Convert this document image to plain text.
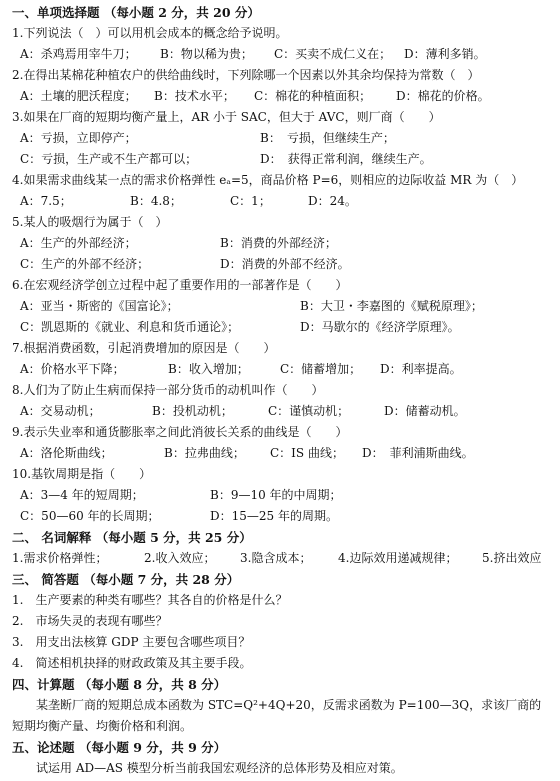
一、单项选择题 （每小题 2 分，共 20 分）
1.下列说法（　）可以用机会成本的概念给予说明。
A：杀鸡焉用宰牛刀； B：物以稀为贵； C：买卖不成仁义在； D：薄利多销。
2.在得出某棉花种植农户的供给曲线时，下列除哪一个因素以外其余均保持为常数（　）
A：土壤的肥沃程度； B：技术水平； C：棉花的种植面积； D：棉花的价格。
3.如果在厂商的短期均衡产量上，AR 小于 SAC，但大于 AVC，则厂商（　　）
A：亏损，立即停产；	B：　亏损，但继续生产；
C：亏损，生产或不生产都可以；	D：　获得正常利润，继续生产。
4.如果需求曲线某一点的需求价格弹性 eₐ=5，商品价格 P=6，则相应的边际收益 MR 为（　）
A：7.5；	B：4.8；	C：1；	D：24。
5.某人的吸烟行为属于（　）
A：生产的外部经济；	B：消费的外部经济；
C：生产的外部不经济；	D：消费的外部不经济。
6.在宏观经济学创立过程中起了重要作用的一部著作是（　　）
A：亚当・斯密的《国富论》；	B：大卫・李嘉图的《赋税原理》；
C：凯恩斯的《就业、利息和货币通论》；	D：马歇尔的《经济学原理》。
7.根据消费函数，引起消费增加的原因是（　　）
A：价格水平下降；	B：收入增加；	C：储蓄增加； D：利率提高。
8.人们为了防止生病而保持一部分货币的动机叫作（　　）
A：交易动机；	B：投机动机；	C：谨慎动机；	D：储蓄动机。
9.表示失业率和通货膨胀率之间此消彼长关系的曲线是（　　）
A：洛伦斯曲线；	B：拉弗曲线； C：IS 曲线； D：　菲利浦斯曲线。
10.基钦周期是指（　　）
A：3—4 年的短周期；	B：9—10 年的中周期；
C：50—60 年的长周期；	D：15—25 年的周期。
二、 名词解释 （每小题 5 分，共 25 分）
1.需求价格弹性；	2.收入效应； 3.隐含成本； 4.边际效用递减规律； 5.挤出效应
三、 简答题 （每小题 7 分，共 28 分）
1.　生产要素的种类有哪些？其各自的价格是什么？
2.　市场失灵的表现有哪些？
3.　用支出法核算 GDP 主要包含哪些项目？
4.　简述相机抉择的财政政策及其主要手段。
四、计算题 （每小题 8 分，共 8 分）
某垄断厂商的短期总成本函数为 STC=Q²+4Q+20，反需求函数为 P=100—3Q，求该厂商的短期均衡产量、均衡价格和利润。
五、论述题 （每小题 9 分，共 9 分）
试运用 AD—AS 模型分析当前我国宏观经济的总体形势及相应对策。
